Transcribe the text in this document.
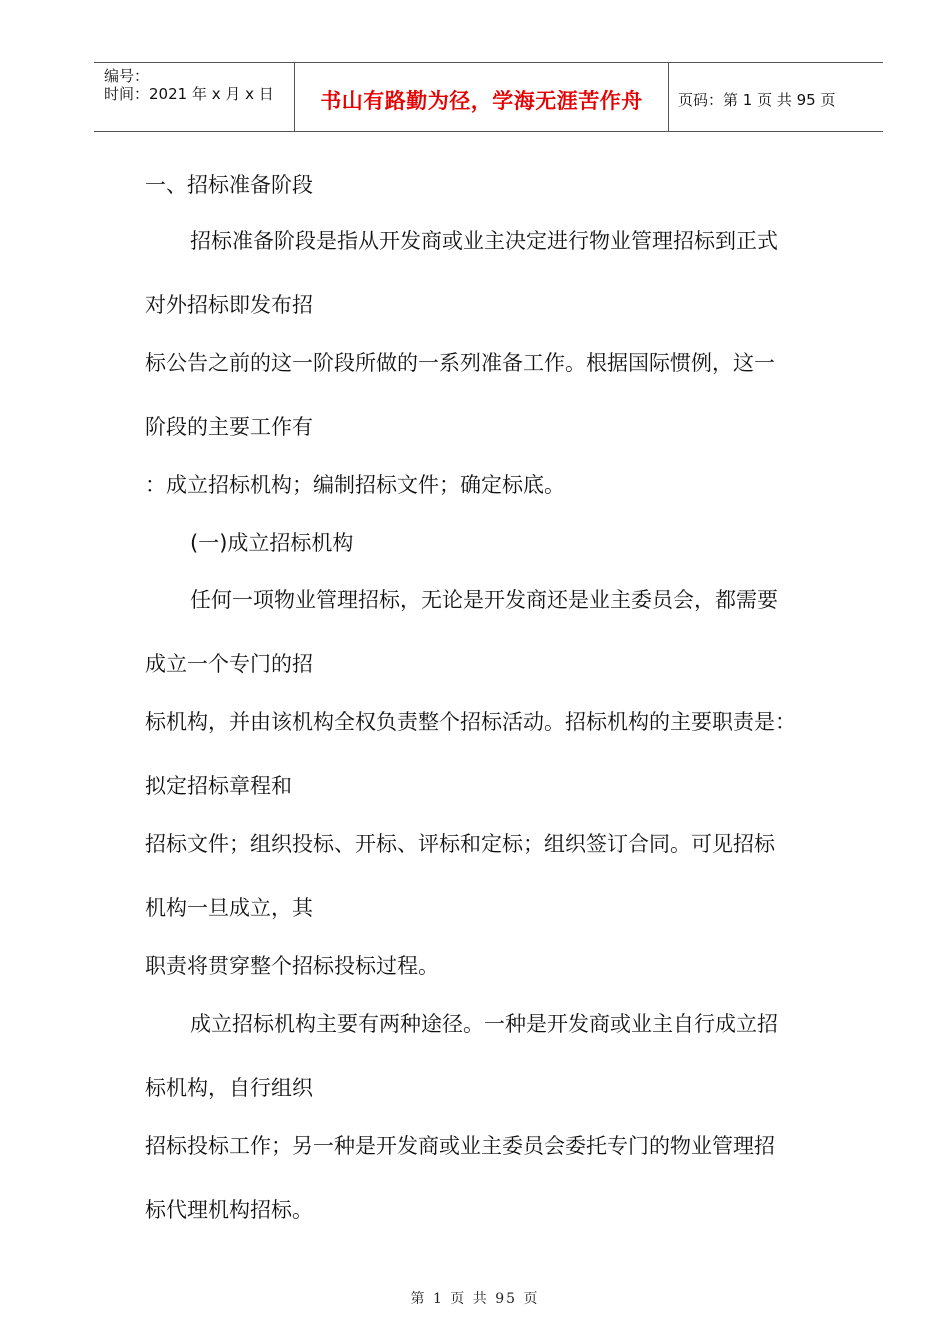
编号：
时间：2021 年 x 月 x 日	书山有路勤为径，学海无涯苦作舟	页码：第 1 页 共 95 页
一、招标准备阶段
招标准备阶段是指从开发商或业主决定进行物业管理招标到正式
对外招标即发布招
标公告之前的这一阶段所做的一系列准备工作。根据国际惯例，这一
阶段的主要工作有
：成立招标机构；编制招标文件；确定标底。
(一)成立招标机构
任何一项物业管理招标，无论是开发商还是业主委员会，都需要
成立一个专门的招
标机构，并由该机构全权负责整个招标活动。招标机构的主要职责是：
拟定招标章程和
招标文件；组织投标、开标、评标和定标；组织签订合同。可见招标
机构一旦成立，其
职责将贯穿整个招标投标过程。
成立招标机构主要有两种途径。一种是开发商或业主自行成立招
标机构，自行组织
招标投标工作；另一种是开发商或业主委员会委托专门的物业管理招
标代理机构招标。
第 1 页 共 95 页
